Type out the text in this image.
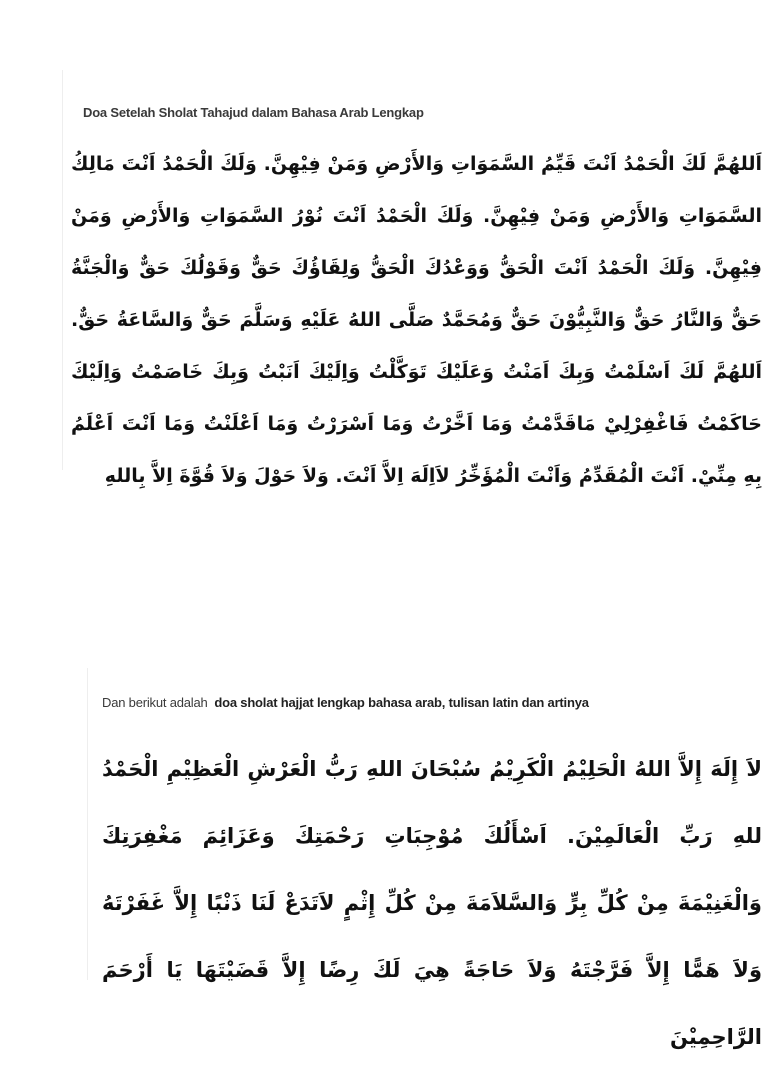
Doa Setelah Sholat Tahajud dalam Bahasa Arab Lengkap
اَللهُمَّ لَكَ الْحَمْدُ اَنْتَ قَيِّمُ السَّمَوَاتِ وَالأَرْضِ وَمَنْ فِيْهِنَّ. وَلَكَ الْحَمْدُ اَنْتَ مَالِكُ السَّمَوَاتِ وَالأَرْضِ وَمَنْ فِيْهِنَّ. وَلَكَ الْحَمْدُ اَنْتَ نُوْرُ السَّمَوَاتِ وَالأَرْضِ وَمَنْ فِيْهِنَّ. وَلَكَ الْحَمْدُ اَنْتَ الْحَقُّ وَوَعْدُكَ الْحَقُّ وَلِقَاؤُكَ حَقٌّ وَقَوْلُكَ حَقٌّ وَالْجَنَّةُ حَقٌّ وَالنَّارُ حَقٌّ وَالنَّبِيُّوْنَ حَقٌّ وَمُحَمَّدٌ صَلَّى اللهُ عَلَيْهِ وَسَلَّمَ حَقٌّ وَالسَّاعَةُ حَقٌّ. اَللهُمَّ لَكَ اَسْلَمْتُ وَبِكَ اَمَنْتُ وَعَلَيْكَ تَوَكَّلْتُ وَاِلَيْكَ اَنَبْتُ وَبِكَ خَاصَمْتُ وَاِلَيْكَ حَاكَمْتُ فَاغْفِرْلِيْ مَاقَدَّمْتُ وَمَا اَخَّرْتُ وَمَا اَسْرَرْتُ وَمَا اَعْلَنْتُ وَمَا اَنْتَ اَعْلَمُ بِهِ مِنِّيْ. اَنْتَ الْمُقَدِّمُ وَاَنْتَ الْمُؤَخِّرُ لاَاِلَهَ اِلاَّ اَنْتَ. وَلاَ حَوْلَ وَلاَ قُوَّةَ اِلاَّ بِاللهِ
Dan berikut adalah doa sholat hajjat lengkap bahasa arab, tulisan latin dan artinya
لاَ إِلَهَ إِلاَّ اللهُ الْحَلِيْمُ الْكَرِيْمُ سُبْحَانَ اللهِ رَبُّ الْعَرْشِ الْعَظِيْمِ الْحَمْدُ للهِ رَبِّ الْعَالَمِيْنَ. اَسْأَلُكَ مُوْجِبَاتِ رَحْمَتِكَ وَعَزَائِمَ مَغْفِرَتِكَ وَالْغَنِيْمَةَ مِنْ كُلِّ بِرٍّ وَالسَّلاَمَةَ مِنْ كُلِّ إِثْمٍ لاَتَدَعْ لَنَا ذَنْبًا إِلاَّ غَفَرْتَهُ وَلاَ هَمًّا إِلاَّ فَرَّجْتَهُ وَلاَ حَاجَةً هِيَ لَكَ رِضًا إِلاَّ قَضَيْتَهَا يَا أَرْحَمَ الرَّاحِمِيْنَ
